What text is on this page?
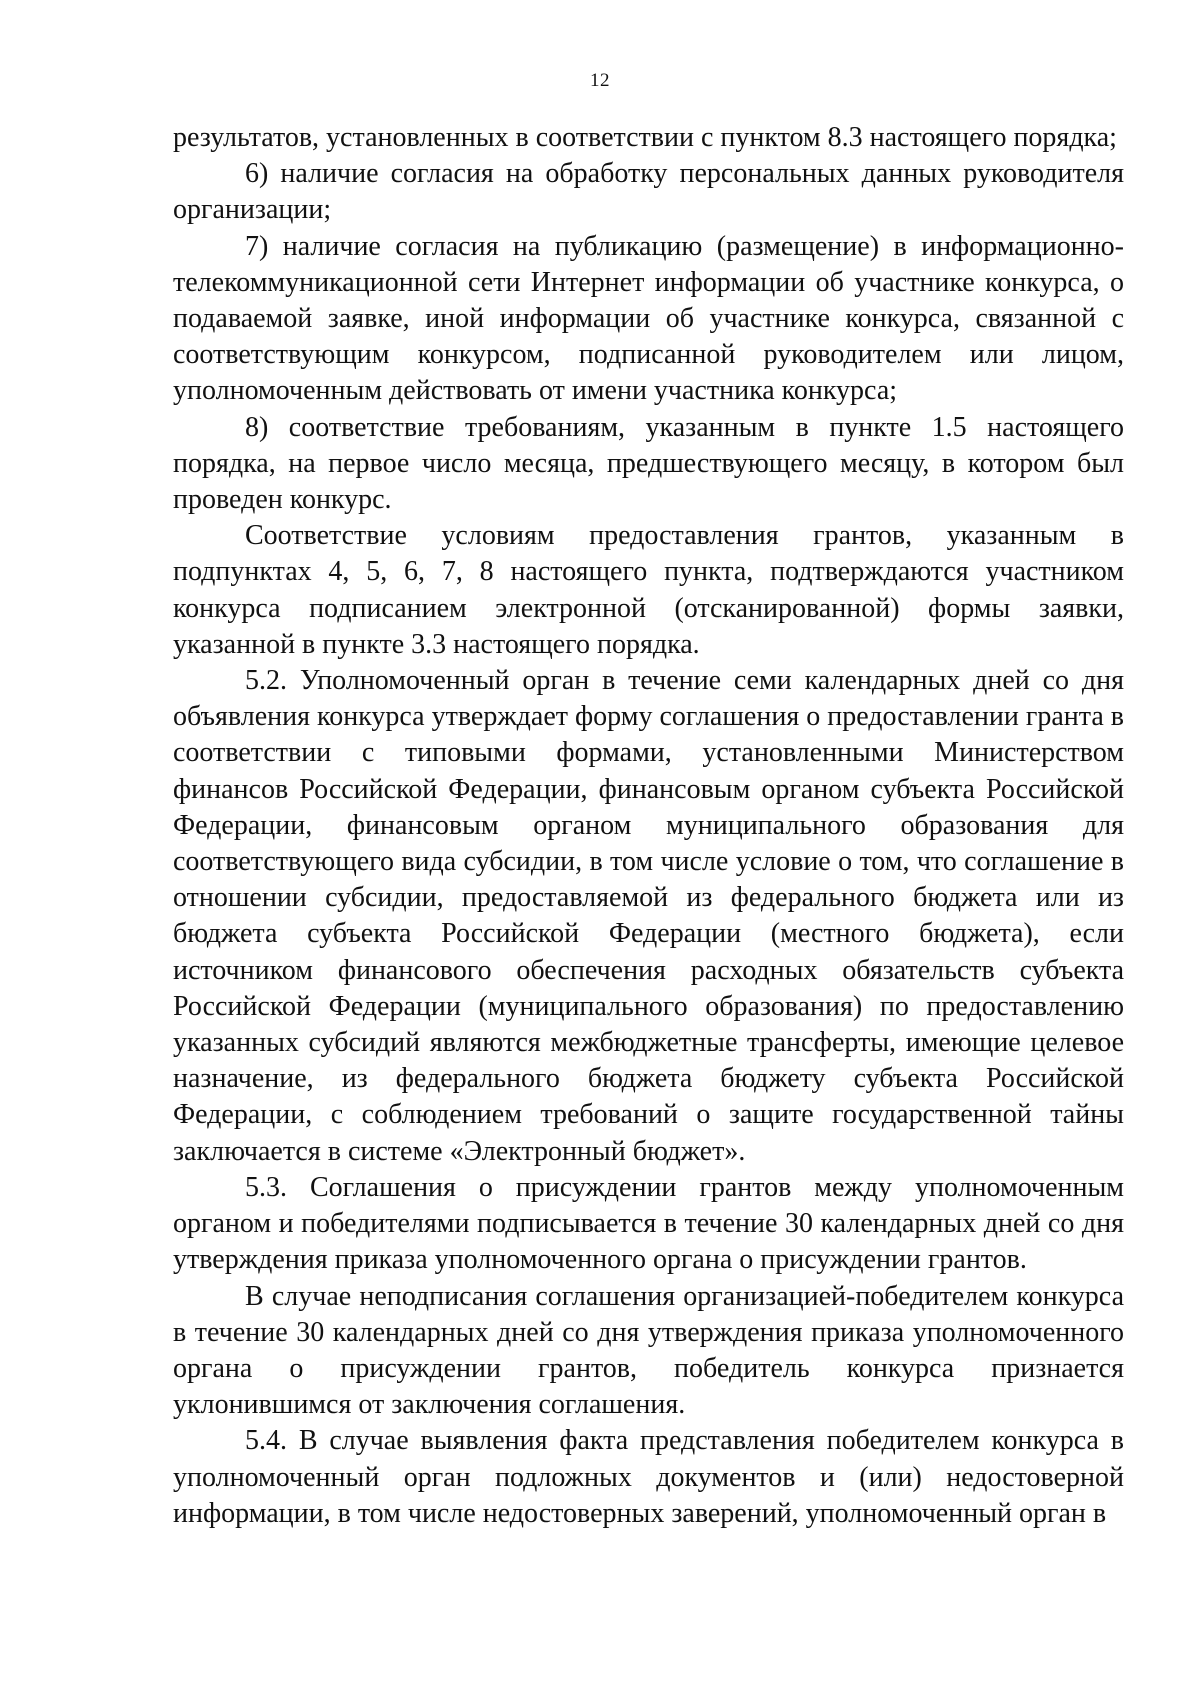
12

результатов, установленных в соответствии с пунктом 8.3 настоящего порядка;

6) наличие согласия на обработку персональных данных руководителя организации;

7) наличие согласия на публикацию (размещение) в информационно-телекоммуникационной сети Интернет информации об участнике конкурса, о подаваемой заявке, иной информации об участнике конкурса, связанной с соответствующим конкурсом, подписанной руководителем или лицом, уполномоченным действовать от имени участника конкурса;

8) соответствие требованиям, указанным в пункте 1.5 настоящего порядка, на первое число месяца, предшествующего месяцу, в котором был проведен конкурс.

Соответствие условиям предоставления грантов, указанным в подпунктах 4, 5, 6, 7, 8 настоящего пункта, подтверждаются участником конкурса подписанием электронной (отсканированной) формы заявки, указанной в пункте 3.3 настоящего порядка.

5.2. Уполномоченный орган в течение семи календарных дней со дня объявления конкурса утверждает форму соглашения о предоставлении гранта в соответствии с типовыми формами, установленными Министерством финансов Российской Федерации, финансовым органом субъекта Российской Федерации, финансовым органом муниципального образования для соответствующего вида субсидии, в том числе условие о том, что соглашение в отношении субсидии, предоставляемой из федерального бюджета или из бюджета субъекта Российской Федерации (местного бюджета), если источником финансового обеспечения расходных обязательств субъекта Российской Федерации (муниципального образования) по предоставлению указанных субсидий являются межбюджетные трансферты, имеющие целевое назначение, из федерального бюджета бюджету субъекта Российской Федерации, с соблюдением требований о защите государственной тайны заключается в системе «Электронный бюджет».

5.3. Соглашения о присуждении грантов между уполномоченным органом и победителями подписывается в течение 30 календарных дней со дня утверждения приказа уполномоченного органа о присуждении грантов.

В случае неподписания соглашения организацией-победителем конкурса в течение 30 календарных дней со дня утверждения приказа уполномоченного органа о присуждении грантов, победитель конкурса признается уклонившимся от заключения соглашения.

5.4. В случае выявления факта представления победителем конкурса в уполномоченный орган подложных документов и (или) недостоверной информации, в том числе недостоверных заверений, уполномоченный орган в
